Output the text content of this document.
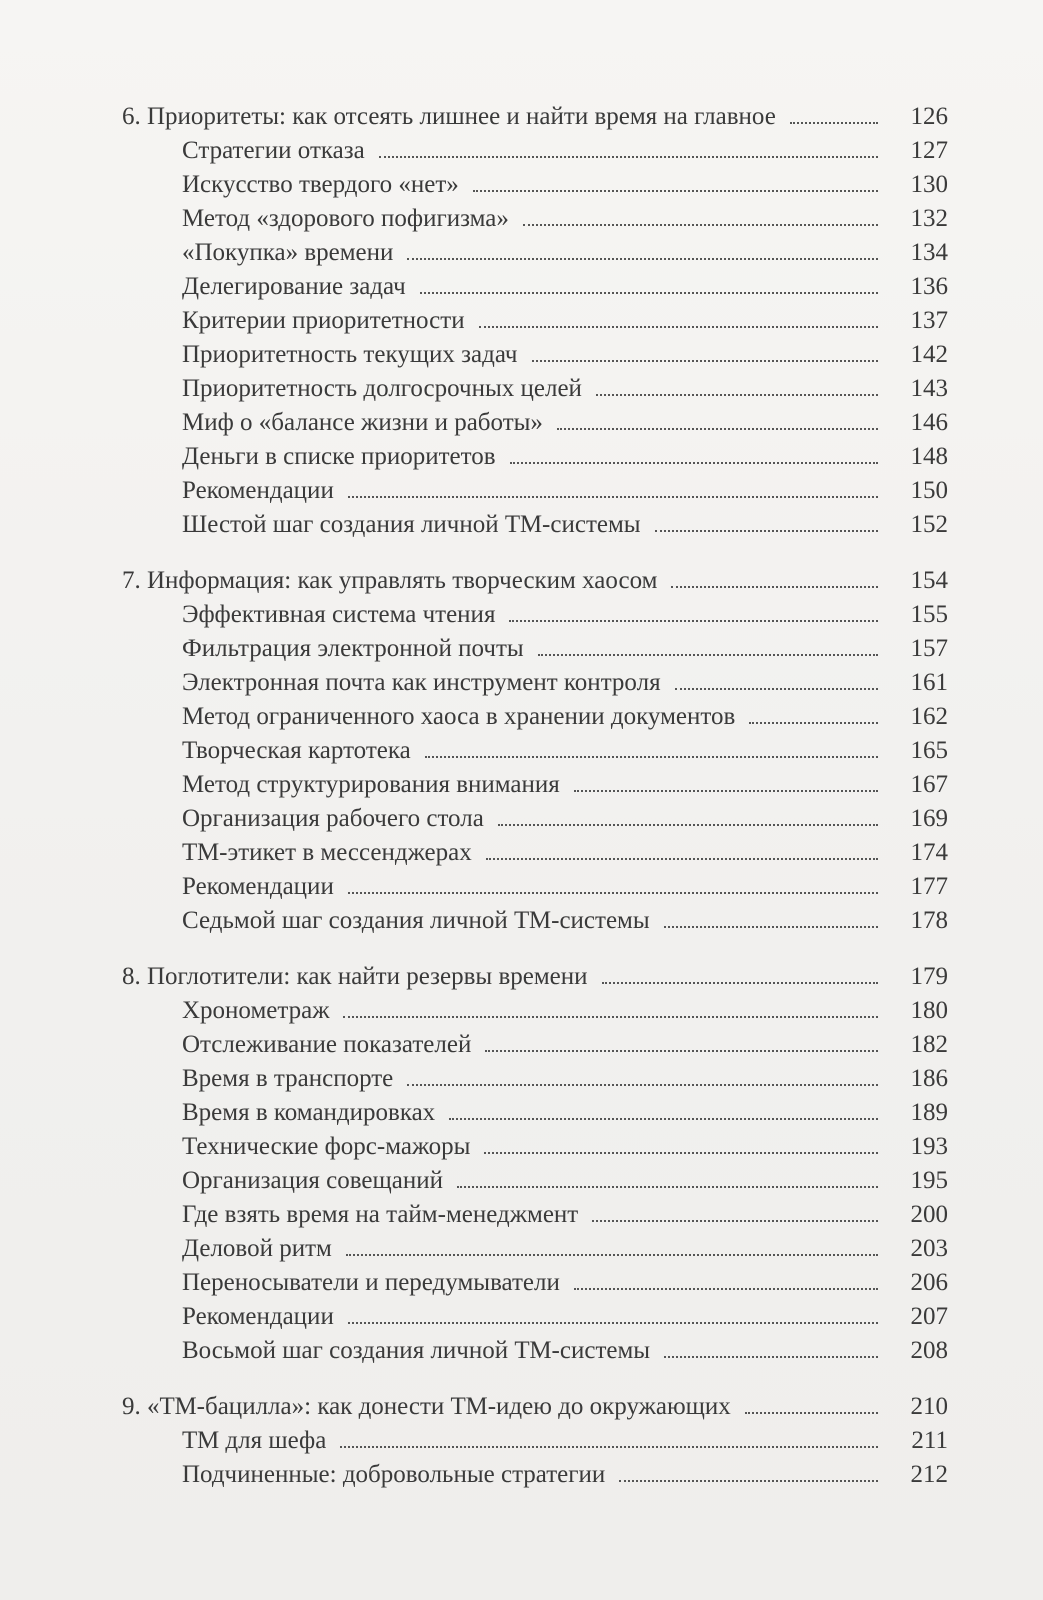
6. Приоритеты: как отсеять лишнее и найти время на главное	126
Стратегии отказа	127
Искусство твердого «нет»	130
Метод «здорового пофигизма»	132
«Покупка» времени	134
Делегирование задач	136
Критерии приоритетности	137
Приоритетность текущих задач	142
Приоритетность долгосрочных целей	143
Миф о «балансе жизни и работы»	146
Деньги в списке приоритетов	148
Рекомендации	150
Шестой шаг создания личной ТМ-системы	152
7. Информация: как управлять творческим хаосом	154
Эффективная система чтения	155
Фильтрация электронной почты	157
Электронная почта как инструмент контроля	161
Метод ограниченного хаоса в хранении документов	162
Творческая картотека	165
Метод структурирования внимания	167
Организация рабочего стола	169
ТМ-этикет в мессенджерах	174
Рекомендации	177
Седьмой шаг создания личной ТМ-системы	178
8. Поглотители: как найти резервы времени	179
Хронометраж	180
Отслеживание показателей	182
Время в транспорте	186
Время в командировках	189
Технические форс-мажоры	193
Организация совещаний	195
Где взять время на тайм-менеджмент	200
Деловой ритм	203
Переносыватели и передумыватели	206
Рекомендации	207
Восьмой шаг создания личной ТМ-системы	208
9. «ТМ-бацилла»: как донести ТМ-идею до окружающих	210
ТМ для шефа	211
Подчиненные: добровольные стратегии	212
